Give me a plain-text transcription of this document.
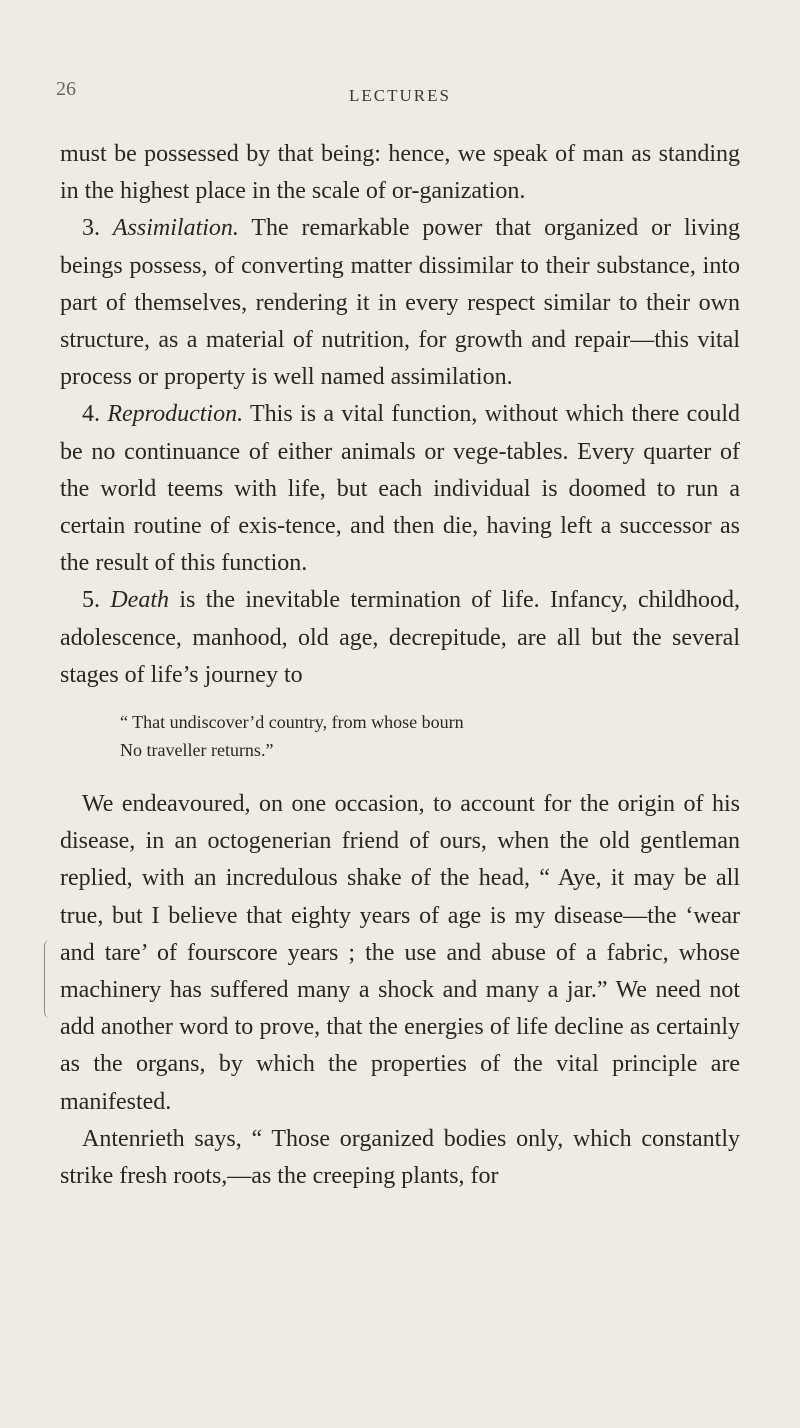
26	LECTURES

must be possessed by that being: hence, we speak of man as standing in the highest place in the scale of or-ganization.

3. Assimilation. The remarkable power that organized or living beings possess, of converting matter dissimilar to their substance, into part of themselves, rendering it in every respect similar to their own structure, as a material of nutrition, for growth and repair—this vital process or property is well named assimilation.

4. Reproduction. This is a vital function, without which there could be no continuance of either animals or vege-tables. Every quarter of the world teems with life, but each individual is doomed to run a certain routine of exis-tence, and then die, having left a successor as the result of this function.

5. Death is the inevitable termination of life. Infancy, childhood, adolescence, manhood, old age, decrepitude, are all but the several stages of life’s journey to

“ That undiscover’d country, from whose bourn
No traveller returns.”

We endeavoured, on one occasion, to account for the origin of his disease, in an octogenerian friend of ours, when the old gentleman replied, with an incredulous shake of the head, “ Aye, it may be all true, but I believe that eighty years of age is my disease—the ‘wear and tare’ of fourscore years ; the use and abuse of a fabric, whose machinery has suffered many a shock and many a jar.” We need not add another word to prove, that the energies of life decline as certainly as the organs, by which the properties of the vital principle are manifested.

Antenrieth says, “ Those organized bodies only, which constantly strike fresh roots,—as the creeping plants, for
